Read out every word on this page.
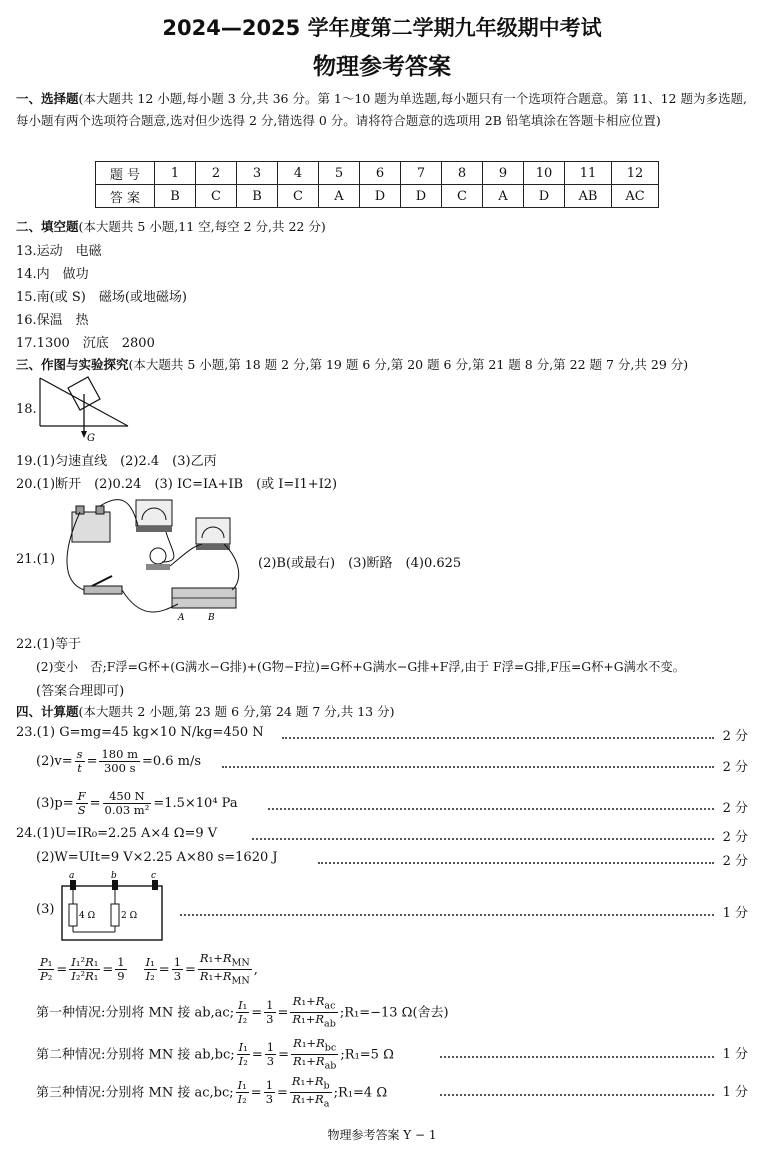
2024—2025 学年度第二学期九年级期中考试
物理参考答案
一、选择题(本大题共 12 小题,每小题 3 分,共 36 分。第 1～10 题为单选题,每小题只有一个选项符合题意。第 11、12 题为多选题,每小题有两个选项符合题意,选对但少选得 2 分,错选得 0 分。请将符合题意的选项用 2B 铅笔填涂在答题卡相应位置)
题 号	1	2	3	4	5	6	7	8	9	10	11	12
答 案	B	C	B	C	A	D	D	C	A	D	AB	AC
二、填空题(本大题共 5 小题,11 空,每空 2 分,共 22 分)
13.运动　电磁
14.内　做功
15.南(或 S)　磁场(或地磁场)
16.保温　热
17.1300　沉底　2800
三、作图与实验探究(本大题共 5 小题,第 18 题 2 分,第 19 题 6 分,第 20 题 6 分,第 21 题 8 分,第 22 题 7 分,共 29 分)
18.
G
19.(1)匀速直线　(2)2.4　(3)乙丙
20.(1)断开　(2)0.24　(3) IC=IA+IB　(或 I=I1+I2)
21.(1)
A	B
(2)B(或最右)　(3)断路　(4)0.625
22.(1)等于
(2)变小　否;F浮=G杯+(G满水−G排)+(G物−F拉)=G杯+G满水−G排+F浮,由于 F浮=G排,F压=G杯+G满水不变。
(答案合理即可)
四、计算题(本大题共 2 小题,第 23 题 6 分,第 24 题 7 分,共 13 分)
23.(1) G=mg=45 kg×10 N/kg=450 N	2 分
$(2)v= \frac{s}{t} = \frac{180 m}{300 s} =0.6$ m/s	2 分
$(3)p= \frac{F}{S} = \frac{450 N}{\text{0.03 m²}} =1.5\times 10^4$ Pa	2 分
24.(1)U=IR₀=2.25 A×4 Ω=9 V	2 分
(2)W=UIt=9 V×2.25 A×80 s=1620 J	2 分
(3)
a	b	c
4 Ω	2 Ω	1 分
$\frac{\text{P₁}}{\text{P₂}} = \frac{\text{I₁²R₁}}{\text{I₂²R₁}} = \frac{1}{9}$
　 $\frac{\text{I₁}}{\text{I₂}} = \frac{1}{3} = \frac{R_1+R_{MN}}{R_1+R_{MN}}$ ,
第一种情况:分别将 MN 接 ab,ac; $\frac{\text{I₁}}{\text{I₂}} = \frac{1}{3} = \frac{R_1+R_{ac}}{R_1+R_{ab}}$ ;R₁=−13 Ω(舍去)
第二种情况:分别将 MN 接 ab,bc; $\frac{\text{I₁}}{\text{I₂}} = \frac{1}{3} = \frac{R_1+R_{bc}}{R_1+R_{ab}}$ ;R₁=5 Ω	1 分
第三种情况:分别将 MN 接 ac,bc; $\frac{\text{I₁}}{\text{I₂}} = \frac{1}{3} = \frac{R_1+R_b}{R_1+R_a}$ ;R₁=4 Ω	1 分
物理参考答案 Y − 1
